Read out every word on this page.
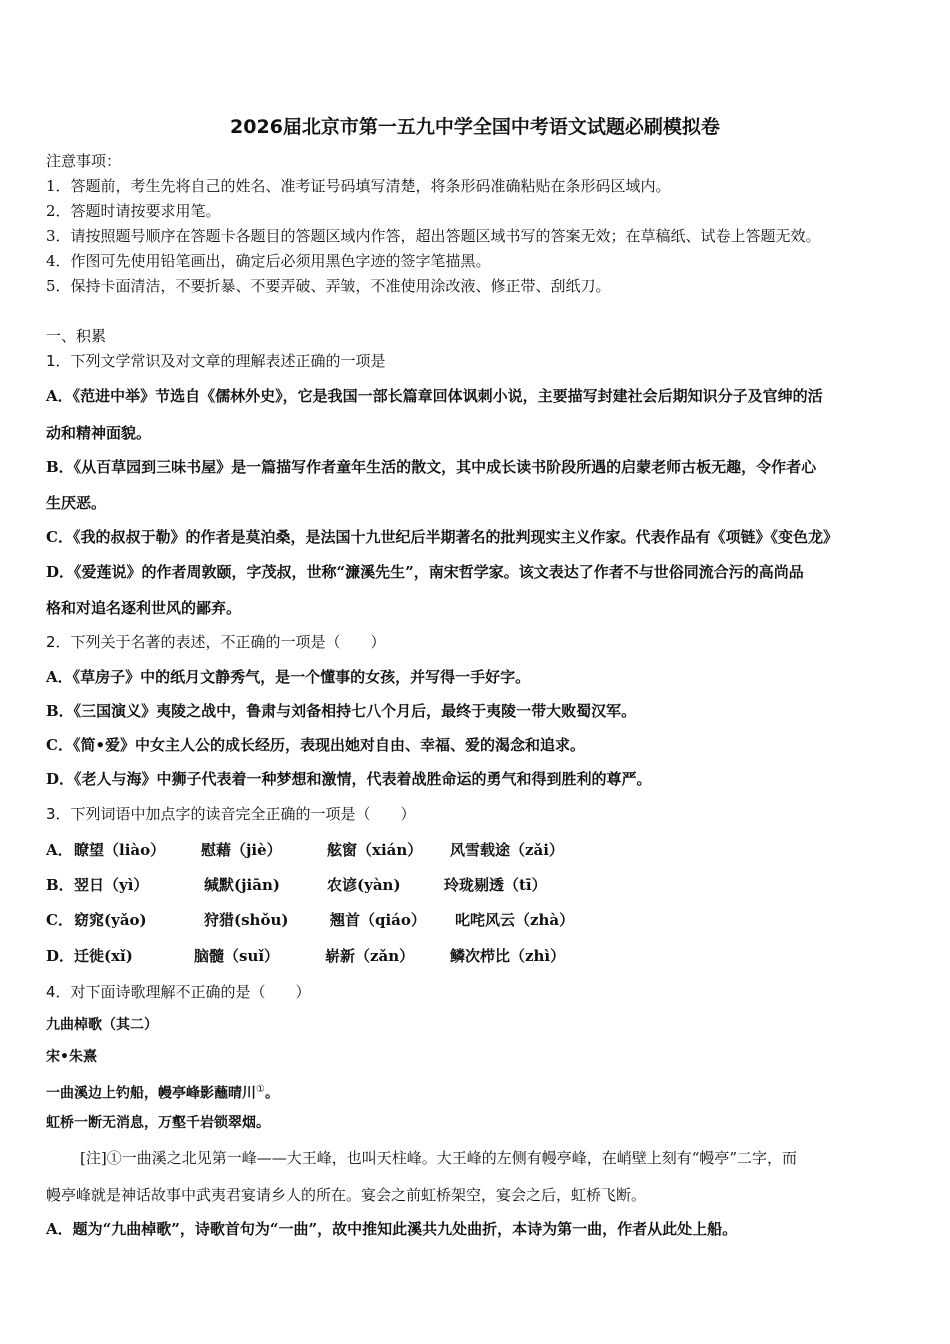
2026届北京市第一五九中学全国中考语文试题必刷模拟卷
注意事项：
1．答题前，考生先将自己的姓名、准考证号码填写清楚，将条形码准确粘贴在条形码区域内。
2．答题时请按要求用笔。
3．请按照题号顺序在答题卡各题目的答题区域内作答，超出答题区域书写的答案无效；在草稿纸、试卷上答题无效。
4．作图可先使用铅笔画出，确定后必须用黑色字迹的签字笔描黑。
5．保持卡面清洁，不要折暴、不要弄破、弄皱，不准使用涂改液、修正带、刮纸刀。
一、积累
1．下列文学常识及对文章的理解表述正确的一项是
A．《范进中举》节选自《儒林外史》，它是我国一部长篇章回体讽刺小说，主要描写封建社会后期知识分子及官绅的活
动和精神面貌。
B．《从百草园到三味书屋》是一篇描写作者童年生活的散文，其中成长读书阶段所遇的启蒙老师古板无趣，令作者心
生厌恶。
C．《我的叔叔于勒》的作者是莫泊桑，是法国十九世纪后半期著名的批判现实主义作家。代表作品有《项链》《变色龙》
D．《爱莲说》的作者周敦颐，字茂叔，世称“濂溪先生”，南宋哲学家。该文表达了作者不与世俗同流合污的高尚品
格和对追名逐利世风的鄙弃。
2．下列关于名著的表述，不正确的一项是（　　）
A．《草房子》中的纸月文静秀气，是一个懂事的女孩，并写得一手好字。
B．《三国演义》夷陵之战中，鲁肃与刘备相持七八个月后，最终于夷陵一带大败蜀汉军。
C．《简•爱》中女主人公的成长经历，表现出她对自由、幸福、爱的渴念和追求。
D．《老人与海》中狮子代表着一种梦想和激情，代表着战胜命运的勇气和得到胜利的尊严。
3．下列词语中加点字的读音完全正确的一项是（　　）
A． 瞭望（liào） 慰藉（jiè）	舷窗（xián） 风雪载途（zǎi）
B． 翌日（yì）	缄默(jiān)	农谚(yàn)	玲珑剔透（tī）
C． 窈窕(yǎo)	狩猎(shǒu)	翘首（qiáo） 叱咤风云（zhà）
D． 迁徙(xǐ)	脑髓（suǐ）	崭新（zǎn） 鳞次栉比（zhì）
4．对下面诗歌理解不正确的是（　　）
九曲棹歌（其二）
宋•朱熹
一曲溪边上钓船，幔亭峰影蘸晴川①。
虹桥一断无消息，万壑千岩锁翠烟。
[注]①一曲溪之北见第一峰——大王峰，也叫天柱峰。大王峰的左侧有幔亭峰，在峭壁上刻有“幔亭”二字，而
幔亭峰就是神话故事中武夷君宴请乡人的所在。宴会之前虹桥架空，宴会之后，虹桥飞断。
A．题为“九曲棹歌”，诗歌首句为“一曲”，故中推知此溪共九处曲折，本诗为第一曲，作者从此处上船。
